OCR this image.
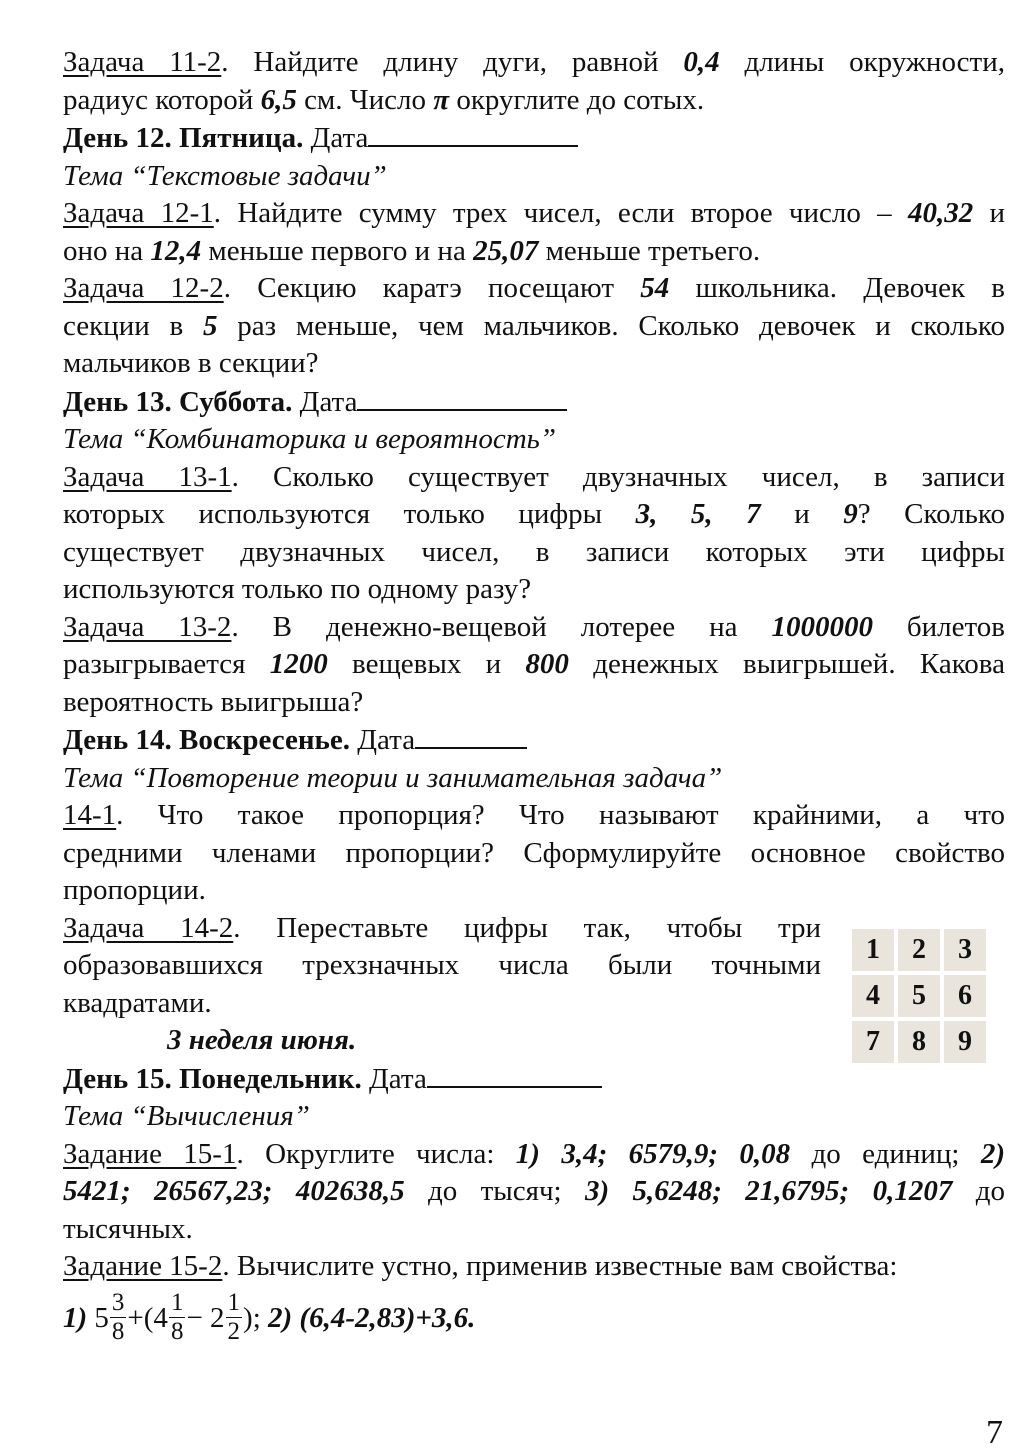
Задача 11-2. Найдите длину дуги, равной 0,4 длины окружности,
радиус которой 6,5 см. Число π округлите до сотых.
День 12. Пятница. Дата
Тема “Текстовые задачи”
Задача 12-1. Найдите сумму трех чисел, если второе число – 40,32 и
оно на 12,4 меньше первого и на 25,07 меньше третьего.
Задача 12-2. Секцию каратэ посещают 54 школьника. Девочек в
секции в 5 раз меньше, чем мальчиков. Сколько девочек и сколько
мальчиков в секции?
День 13. Суббота. Дата
Тема “Комбинаторика и вероятность”
Задача 13-1. Сколько существует двузначных чисел, в записи
которых используются только цифры 3, 5, 7 и 9? Сколько
существует двузначных чисел, в записи которых эти цифры
используются только по одному разу?
Задача 13-2. В денежно-вещевой лотерее на 1000000 билетов
разыгрывается 1200 вещевых и 800 денежных выигрышей. Какова
вероятность выигрыша?
День 14. Воскресенье. Дата
Тема “Повторение теории и занимательная задача”
14-1. Что такое пропорция? Что называют крайними, а что
средними членами пропорции? Сформулируйте основное свойство
пропорции.
Задача 14-2. Переставьте цифры так, чтобы три
образовавшихся трехзначных числа были точными
квадратами.
3 неделя июня.
День 15. Понедельник. Дата
Тема “Вычисления”
Задание 15-1. Округлите числа: 1) 3,4; 6579,9; 0,08 до единиц; 2)
5421; 26567,23; 402638,5 до тысяч; 3) 5,6248; 21,6795; 0,1207 до
тысячных.
Задание 15-2. Вычислите устно, применив известные вам свойства:
1) $5 \frac{3}{8} +(4 \frac{1}{8} - 2 \frac{1}{2}$ ); 2) (6,4-2,83)+3,6.
1	2	3
4	5	6
7	8	9
7
